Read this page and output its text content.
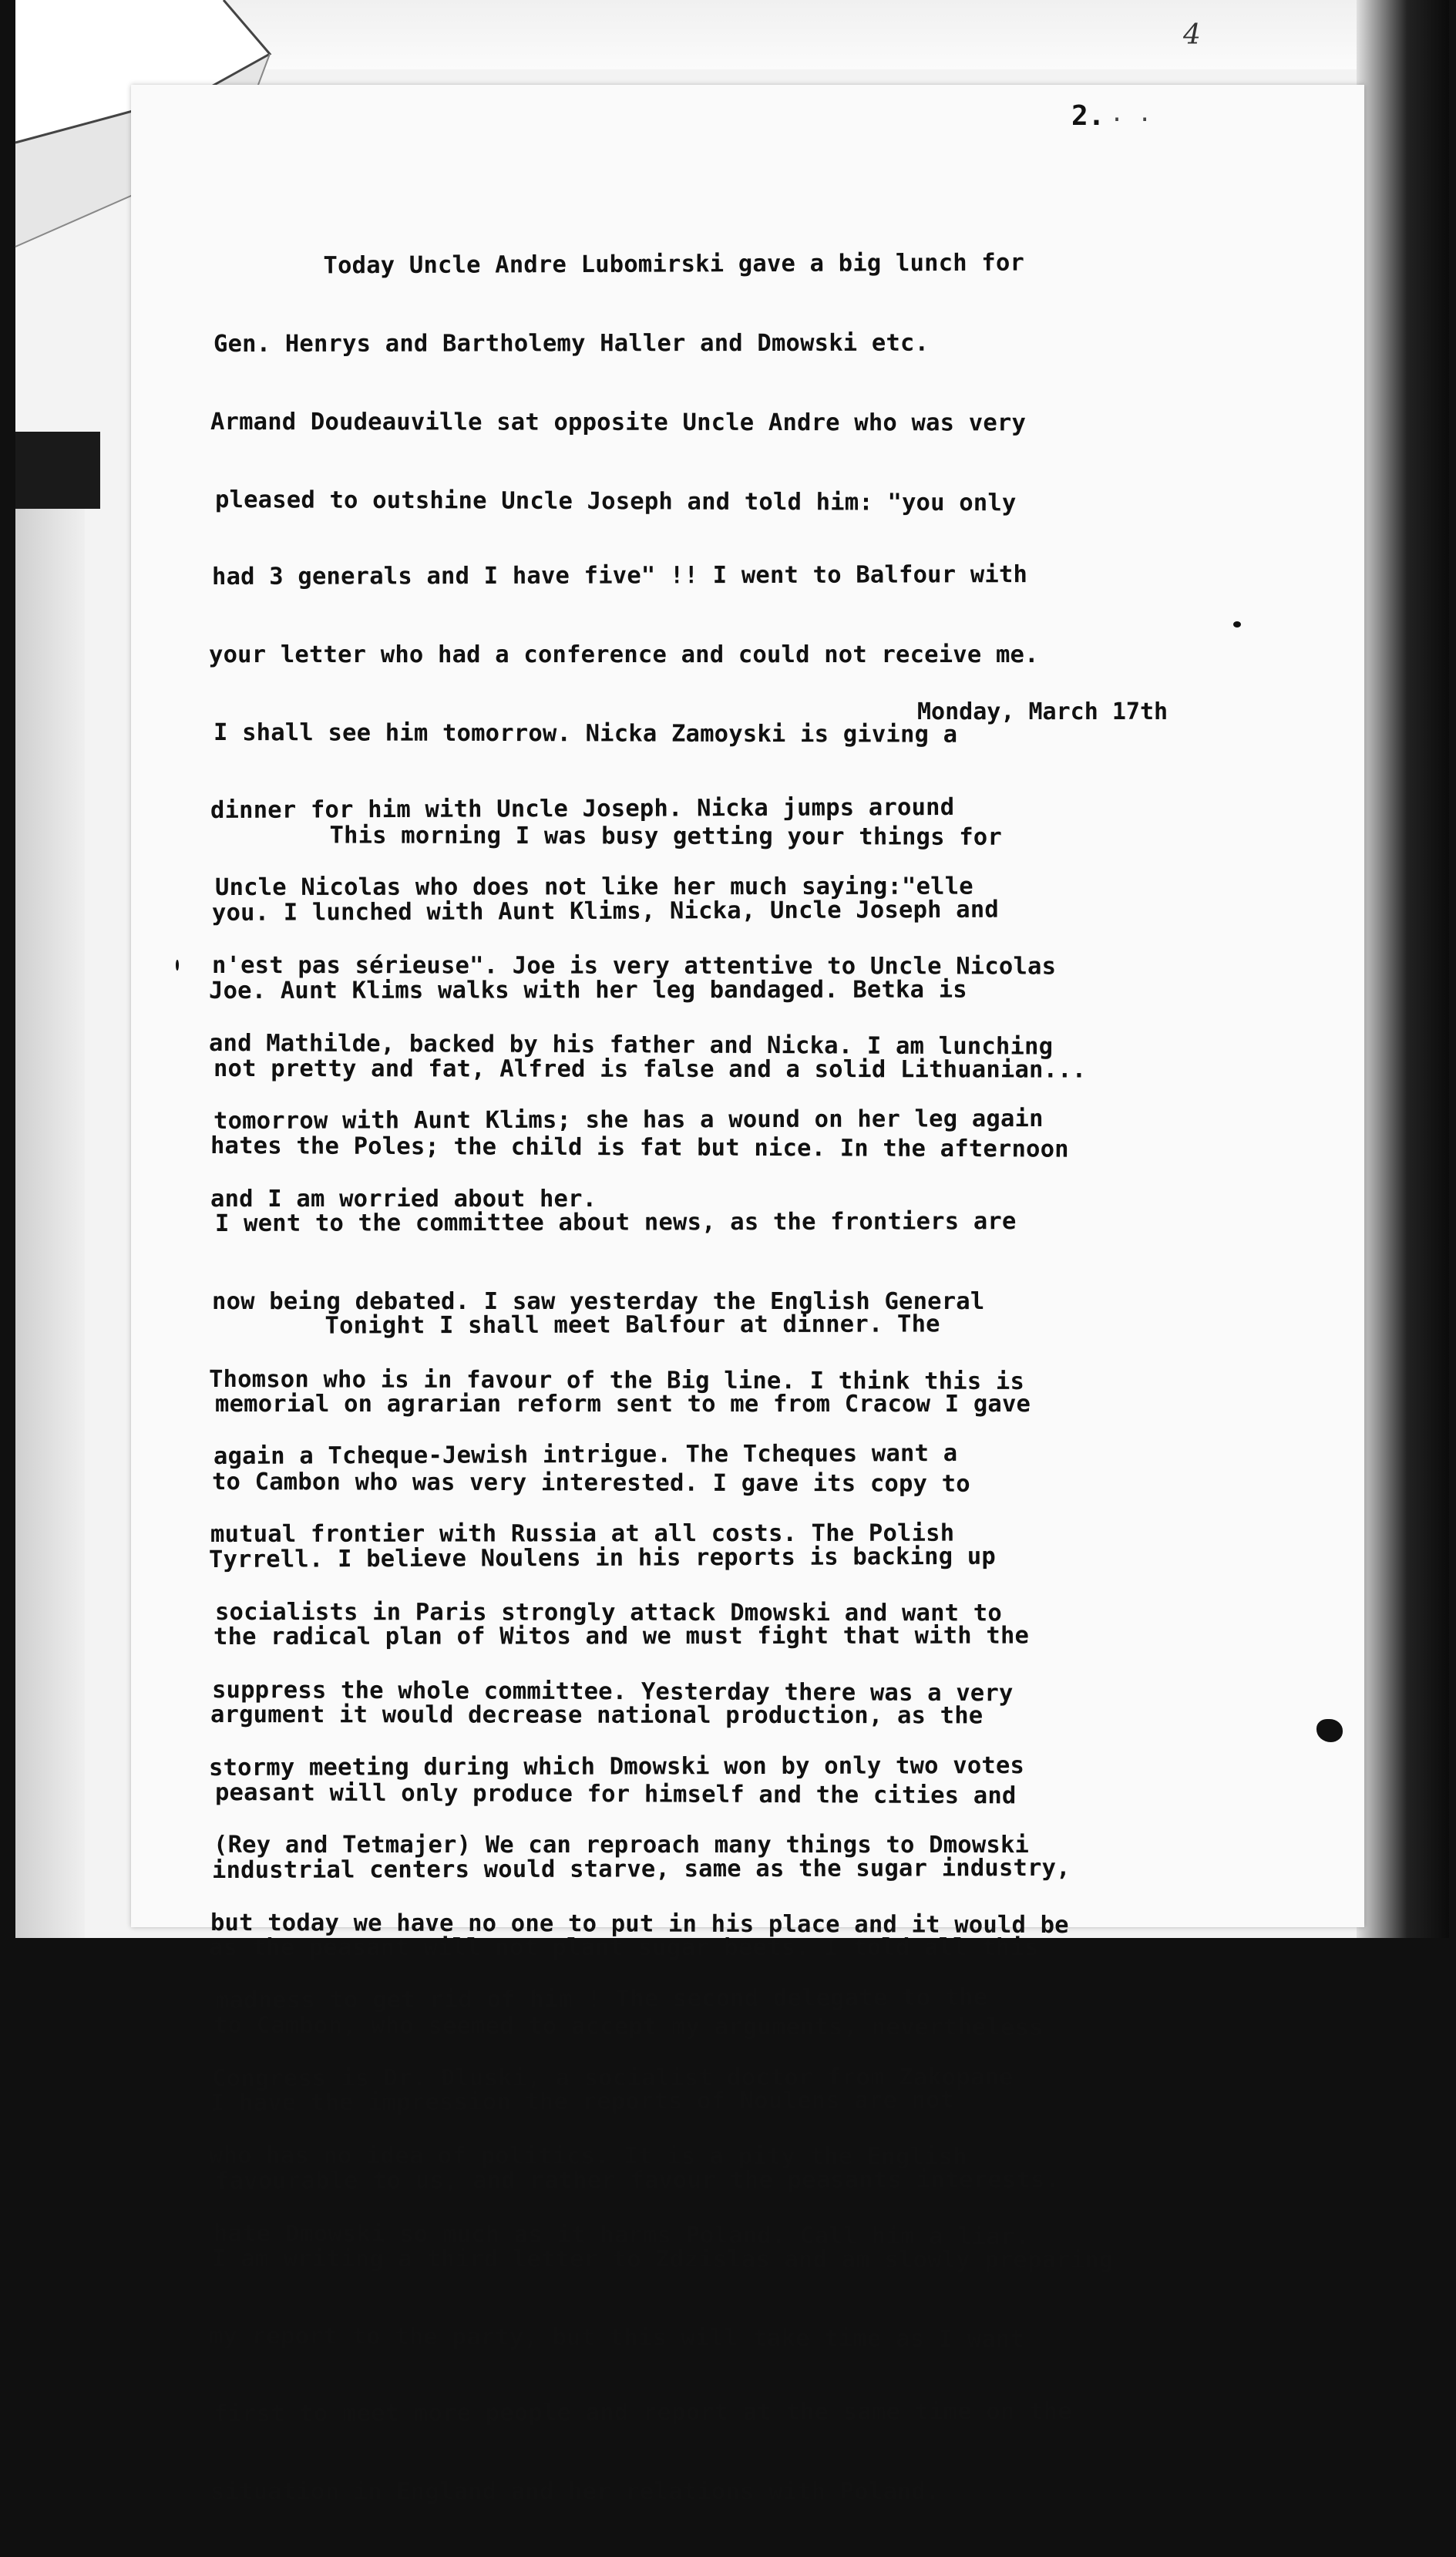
4
2. . .

Today Uncle Andre Lubomirski gave a big lunch for

Gen. Henrys and Bartholemy Haller and Dmowski etc.

Armand Doudeauville sat opposite Uncle Andre who was very

pleased to outshine Uncle Joseph and told him: "you only

had 3 generals and I have five" !! I went to Balfour with

your letter who had a conference and could not receive me.

I shall see him tomorrow. Nicka Zamoyski is giving a

dinner for him with Uncle Joseph. Nicka jumps around

Uncle Nicolas who does not like her much saying:"elle

n'est pas sérieuse". Joe is very attentive to Uncle Nicolas

and Mathilde, backed by his father and Nicka. I am lunching

tomorrow with Aunt Klims; she has a wound on her leg again

and I am worried about her.

Monday, March 17th

This morning I was busy getting your things for

you. I lunched with Aunt Klims, Nicka, Uncle Joseph and

Joe. Aunt Klims walks with her leg bandaged. Betka is

not pretty and fat, Alfred is false and a solid Lithuanian...

hates the Poles; the child is fat but nice. In the afternoon

I went to the committee about news, as the frontiers are

now being debated. I saw yesterday the English General

Thomson who is in favour of the Big line. I think this is

again a Tcheque-Jewish intrigue. The Tcheques want a

mutual frontier with Russia at all costs. The Polish

socialists in Paris strongly attack Dmowski and want to

suppress the whole committee. Yesterday there was a very

stormy meeting during which Dmowski won by only two votes

(Rey and Tetmajer) We can reproach many things to Dmowski

but today we have no one to put in his place and it would be

madness to get rid of him ! The second delegate to the

Congress is Dr. Dluski, a socialist doctor from Zakopane

who has no idea of politics. It is a pity the English

hate Dmowski so much as it harms Poland. Call him a liar.

Tonight I shall meet Balfour at dinner. The

memorial on agrarian reform sent to me from Cracow I gave

to Cambon who was very interested. I gave its copy to

Tyrrell. I believe Noulens in his reports is backing up

the radical plan of Witos and we must fight that with the

argument it would decrease national production, as the

peasant will only produce for himself and the cities and

industrial centers would starve, same as the sugar industry,

as the peasant will not plant sugar beets. I told all this

to Cambon, who seemed to accept my arguments, nevertheless

I have the impression the reports of Noulens are not

favourable to us, and rather favour the peasants interests.

I am writing a third letter to Zdzislas and am slowly preparing

my report to the party, but this will take time as I want

first to meet more people and report at the same time on the

situation in England and her relations with Poland.
